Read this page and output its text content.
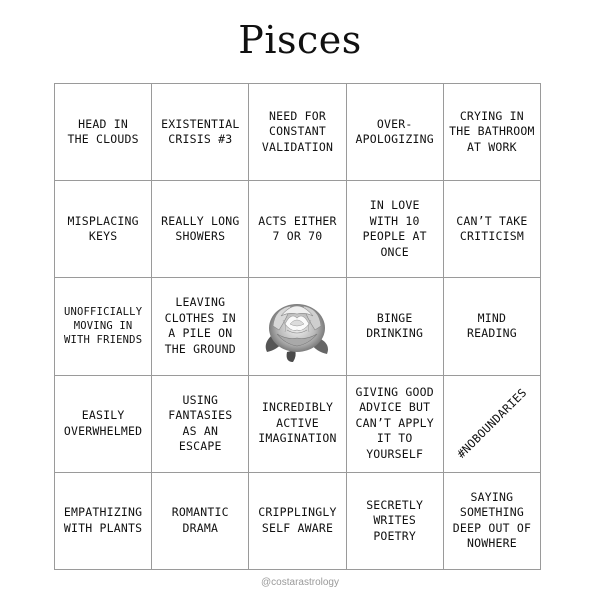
Pisces
HEAD IN
THE CLOUDS
EXISTENTIAL
CRISIS #3
NEED FOR
CONSTANT
VALIDATION
OVER-
APOLOGIZING
CRYING IN
THE BATHROOM
AT WORK
MISPLACING
KEYS
REALLY LONG
SHOWERS
ACTS EITHER
7 OR 70
IN LOVE
WITH 10
PEOPLE AT
ONCE
CAN’T TAKE
CRITICISM
UNOFFICIALLY
MOVING IN
WITH FRIENDS
LEAVING
CLOTHES IN
A PILE ON
THE GROUND
BINGE
DRINKING
MIND
READING
EASILY
OVERWHELMED
USING
FANTASIES
AS AN
ESCAPE
INCREDIBLY
ACTIVE
IMAGINATION
GIVING GOOD
ADVICE BUT
CAN’T APPLY
IT TO
YOURSELF	#NOBOUNDARIES
EMPATHIZING
WITH PLANTS
ROMANTIC
DRAMA
CRIPPLINGLY
SELF AWARE
SECRETLY
WRITES
POETRY
SAYING
SOMETHING
DEEP OUT OF
NOWHERE
@costarastrology
